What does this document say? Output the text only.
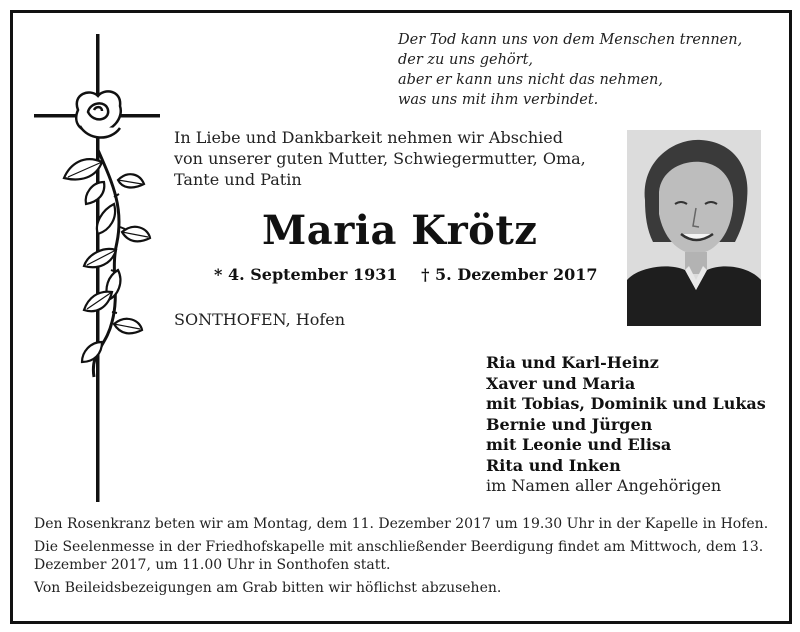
Der Tod kann uns von dem Menschen trennen,
der zu uns gehört,
aber er kann uns nicht das nehmen,
was uns mit ihm verbindet.
In Liebe und Dankbarkeit nehmen wir Abschied
von unserer guten Mutter, Schwiegermutter, Oma,
Tante und Patin
Maria Krötz
* 4. September 1931 † 5. Dezember 2017
SONTHOFEN, Hofen
Ria und Karl-Heinz
Xaver und Maria
mit Tobias, Dominik und Lukas
Bernie und Jürgen
mit Leonie und Elisa
Rita und Inken
im Namen aller Angehörigen

Den Rosenkranz beten wir am Montag, dem 11. Dezember 2017 um 19.30 Uhr in der Kapelle in Hofen.

Die Seelenmesse in der Friedhofskapelle mit anschließender Beerdigung findet am Mittwoch, dem 13. Dezember 2017, um 11.00 Uhr in Sonthofen statt.

Von Beileidsbezeigungen am Grab bitten wir höflichst abzusehen.
